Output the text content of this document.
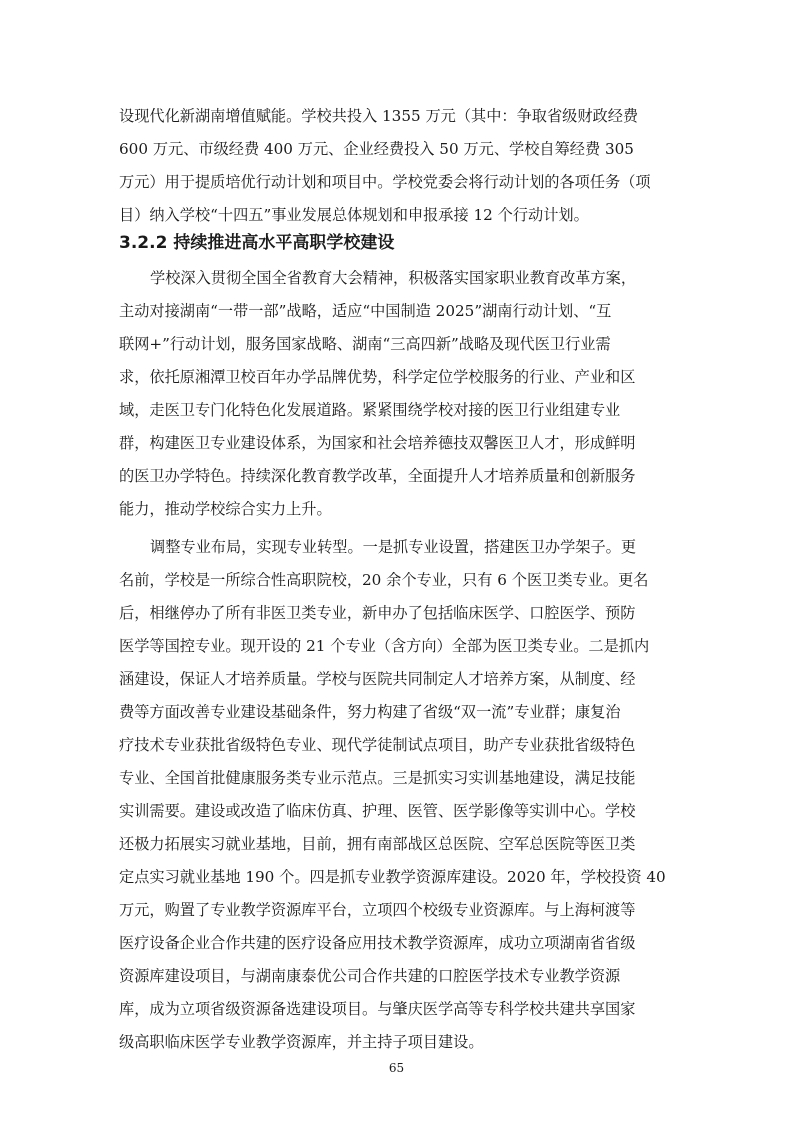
设现代化新湖南增值赋能。学校共投入 1355 万元（其中：争取省级财政经费
600 万元、市级经费 400 万元、企业经费投入 50 万元、学校自筹经费 305
万元）用于提质培优行动计划和项目中。学校党委会将行动计划的各项任务（项
目）纳入学校“十四五”事业发展总体规划和申报承接 12 个行动计划。
3.2.2 持续推进高水平高职学校建设
学校深入贯彻全国全省教育大会精神，积极落实国家职业教育改革方案，
主动对接湖南“一带一部”战略，适应“中国制造 2025”湖南行动计划、“互
联网+”行动计划，服务国家战略、湖南“三高四新”战略及现代医卫行业需
求，依托原湘潭卫校百年办学品牌优势，科学定位学校服务的行业、产业和区
域，走医卫专门化特色化发展道路。紧紧围绕学校对接的医卫行业组建专业
群，构建医卫专业建设体系，为国家和社会培养德技双馨医卫人才，形成鲜明
的医卫办学特色。持续深化教育教学改革，全面提升人才培养质量和创新服务
能力，推动学校综合实力上升。
调整专业布局，实现专业转型。一是抓专业设置，搭建医卫办学架子。更
名前，学校是一所综合性高职院校，20 余个专业，只有 6 个医卫类专业。更名
后，相继停办了所有非医卫类专业，新申办了包括临床医学、口腔医学、预防
医学等国控专业。现开设的 21 个专业（含方向）全部为医卫类专业。二是抓内
涵建设，保证人才培养质量。学校与医院共同制定人才培养方案，从制度、经
费等方面改善专业建设基础条件，努力构建了省级“双一流”专业群；康复治
疗技术专业获批省级特色专业、现代学徒制试点项目，助产专业获批省级特色
专业、全国首批健康服务类专业示范点。三是抓实习实训基地建设，满足技能
实训需要。建设或改造了临床仿真、护理、医管、医学影像等实训中心。学校
还极力拓展实习就业基地，目前，拥有南部战区总医院、空军总医院等医卫类
定点实习就业基地 190 个。四是抓专业教学资源库建设。2020 年，学校投资 40
万元，购置了专业教学资源库平台，立项四个校级专业资源库。与上海柯渡等
医疗设备企业合作共建的医疗设备应用技术教学资源库，成功立项湖南省省级
资源库建设项目，与湖南康泰优公司合作共建的口腔医学技术专业教学资源
库，成为立项省级资源备选建设项目。与肇庆医学高等专科学校共建共享国家
级高职临床医学专业教学资源库，并主持子项目建设。
65
